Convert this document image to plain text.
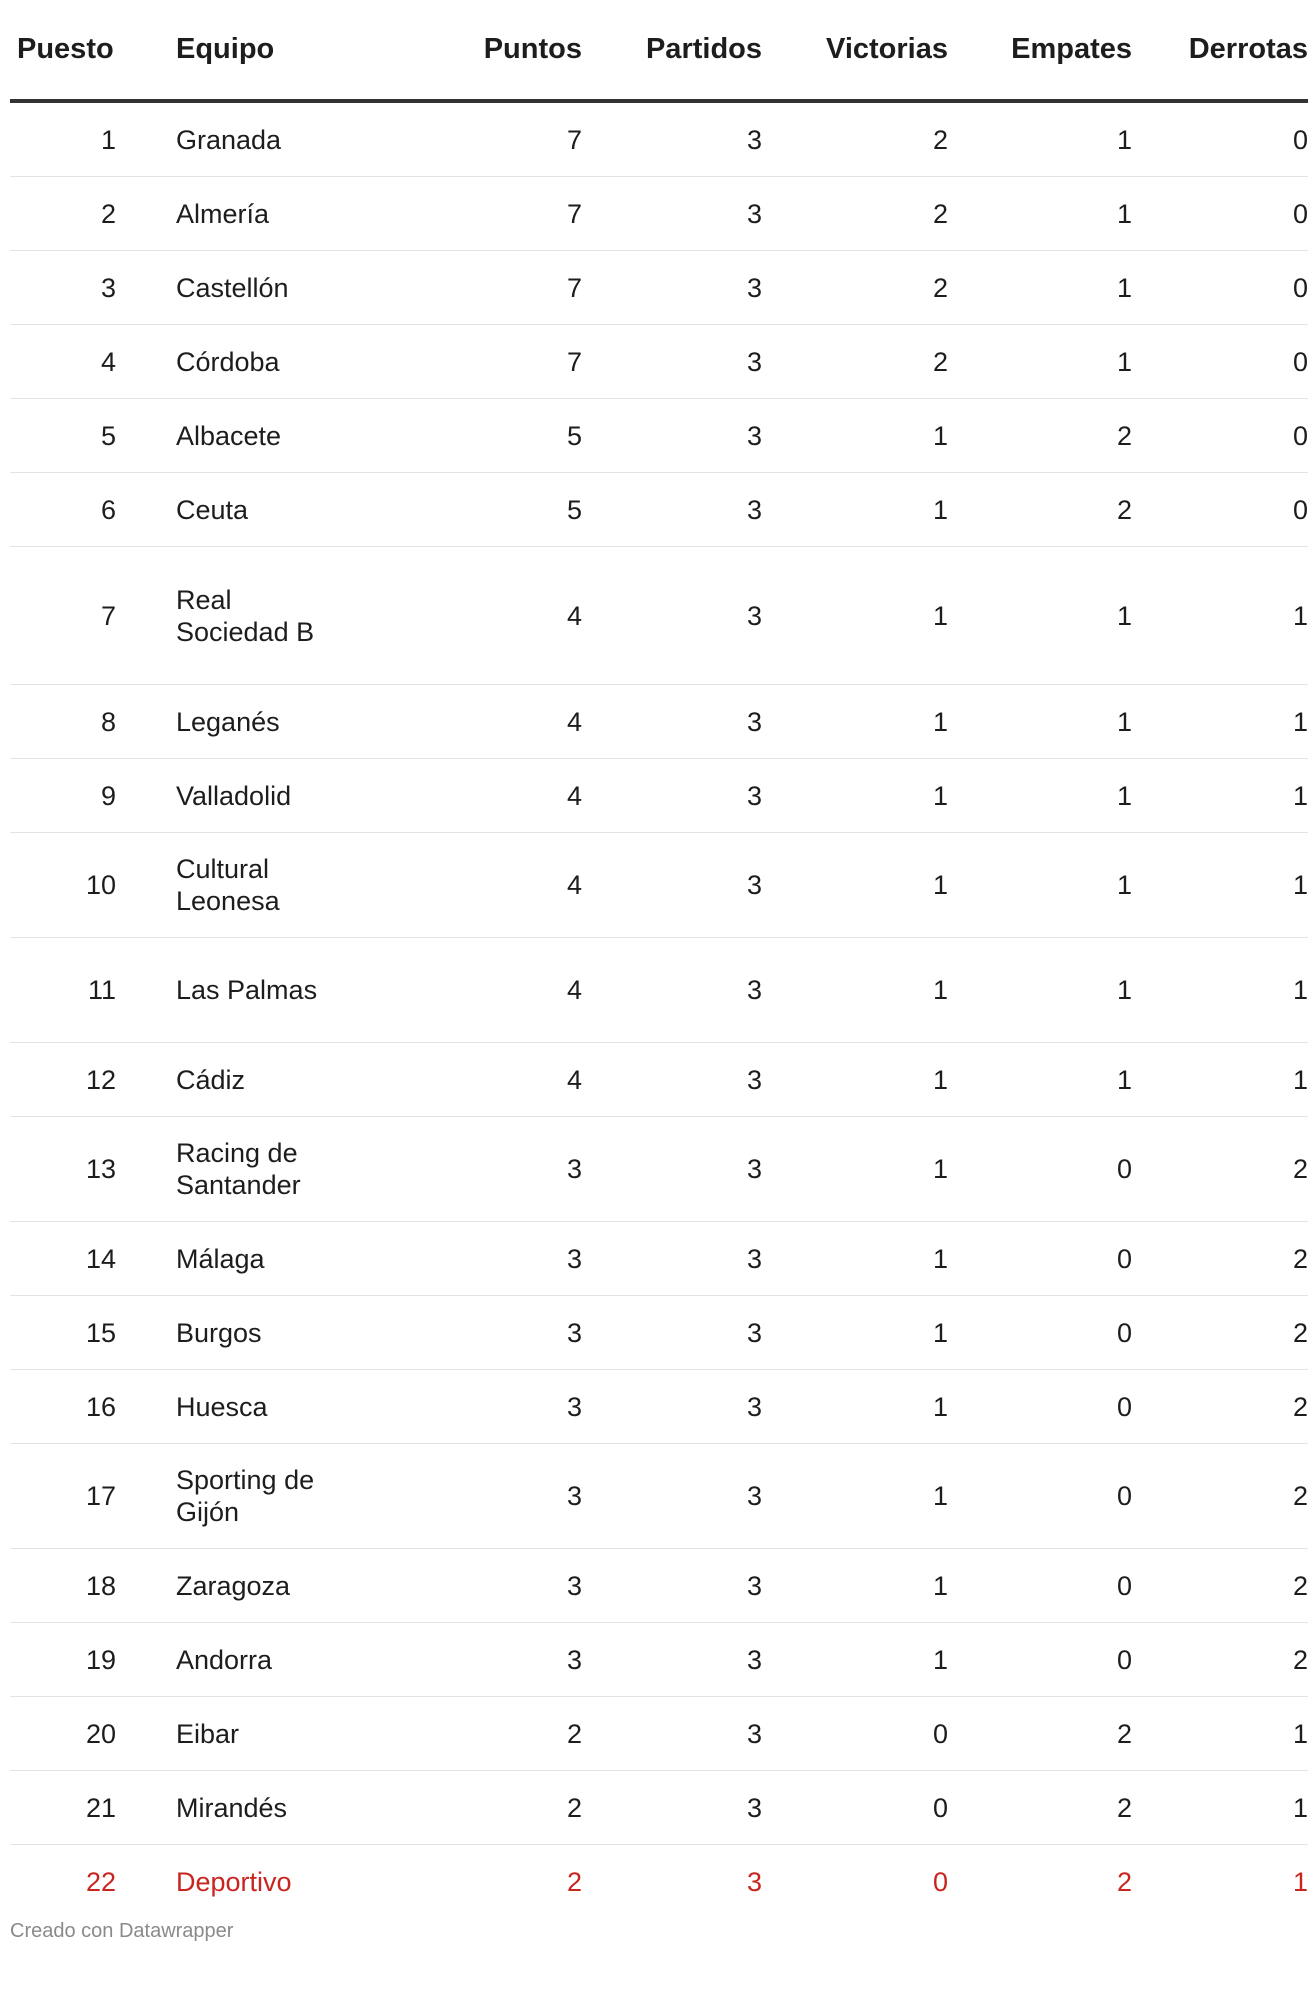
Puesto	Equipo	Puntos	Partidos	Victorias	Empates	Derrotas
1	Granada	7	3	2	1	0
2	Almería	7	3	2	1	0
3	Castellón	7	3	2	1	0
4	Córdoba	7	3	2	1	0
5	Albacete	5	3	1	2	0
6	Ceuta	5	3	1	2	0
7	Real Sociedad B	4	3	1	1	1
8	Leganés	4	3	1	1	1
9	Valladolid	4	3	1	1	1
10	Cultural Leonesa	4	3	1	1	1
11	Las Palmas	4	3	1	1	1
12	Cádiz	4	3	1	1	1
13	Racing de Santander	3	3	1	0	2
14	Málaga	3	3	1	0	2
15	Burgos	3	3	1	0	2
16	Huesca	3	3	1	0	2
17	Sporting de Gijón	3	3	1	0	2
18	Zaragoza	3	3	1	0	2
19	Andorra	3	3	1	0	2
20	Eibar	2	3	0	2	1
21	Mirandés	2	3	0	2	1
22	Deportivo	2	3	0	2	1
Creado con Datawrapper
